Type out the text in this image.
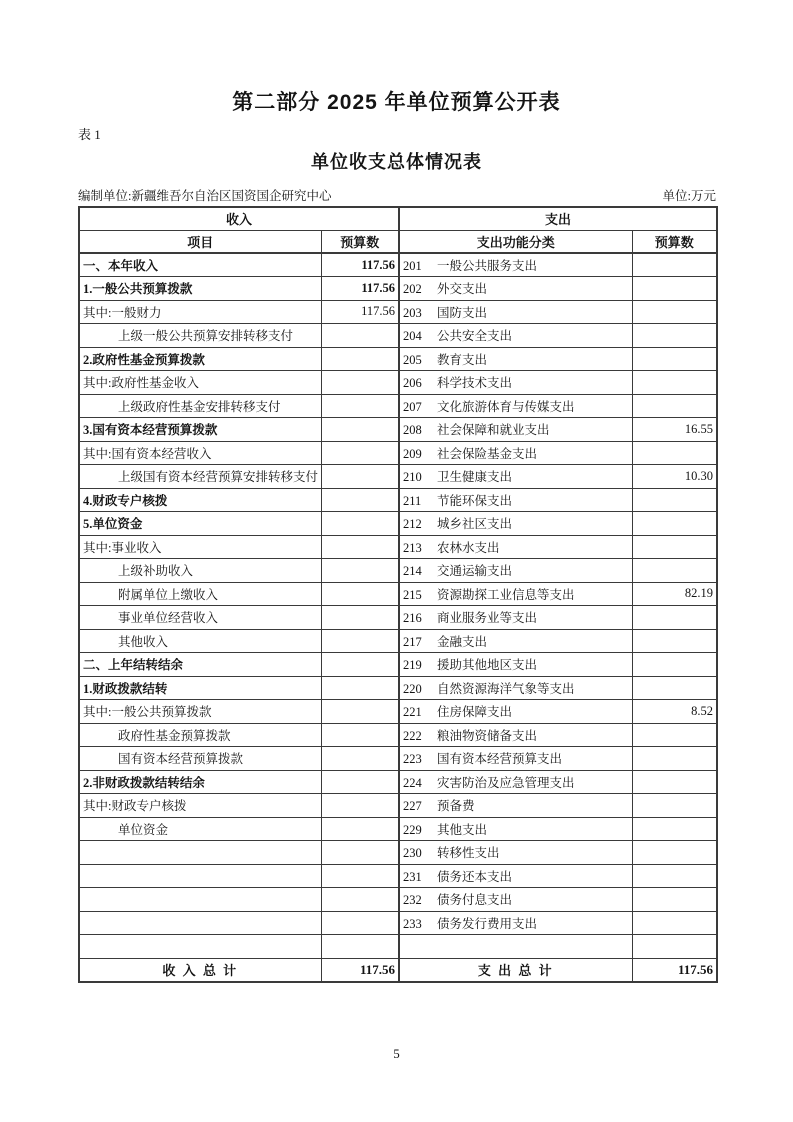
第二部分 2025 年单位预算公开表
表 1
单位收支总体情况表
编制单位:新疆维吾尔自治区国资国企研究中心	单位:万元
收入		支出	
项目	预算数	支出功能分类	预算数
一、本年收入	117.56	201 一般公共服务支出	
1.一般公共预算拨款	117.56	202 外交支出	
其中:一般财力	117.56	203 国防支出	
上级一般公共预算安排转移支付		204 公共安全支出	
2.政府性基金预算拨款		205 教育支出	
其中:政府性基金收入		206 科学技术支出	
上级政府性基金安排转移支付		207 文化旅游体育与传媒支出	
3.国有资本经营预算拨款		208 社会保障和就业支出	16.55
其中:国有资本经营收入		209 社会保险基金支出	
上级国有资本经营预算安排转移支付		210 卫生健康支出	10.30
4.财政专户核拨		211 节能环保支出	
5.单位资金		212 城乡社区支出	
其中:事业收入		213 农林水支出	
上级补助收入		214 交通运输支出	
附属单位上缴收入		215 资源勘探工业信息等支出	82.19
事业单位经营收入		216 商业服务业等支出	
其他收入		217 金融支出	
二、上年结转结余		219 援助其他地区支出	
1.财政拨款结转		220 自然资源海洋气象等支出	
其中:一般公共预算拨款		221 住房保障支出	8.52
政府性基金预算拨款		222 粮油物资储备支出	
国有资本经营预算拨款		223 国有资本经营预算支出	
2.非财政拨款结转结余		224 灾害防治及应急管理支出	
其中:财政专户核拨		227 预备费	
单位资金		229 其他支出	
		230 转移性支出	
		231 债务还本支出	
		232 债务付息支出	
		233 债务发行费用支出	

收 入 总 计	117.56	支 出 总 计	117.56
5
